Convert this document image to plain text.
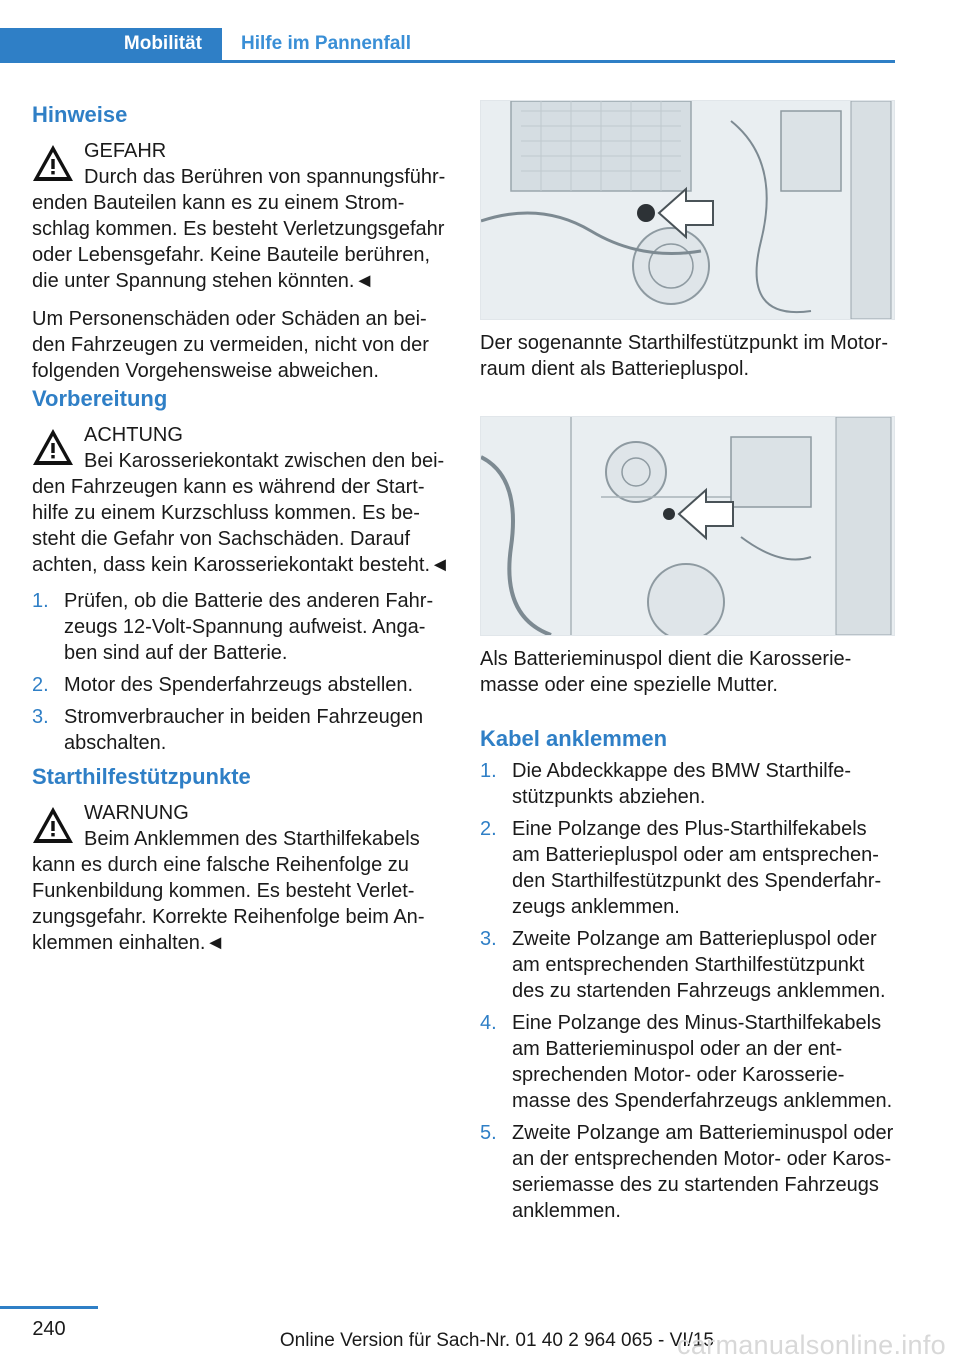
Mobilität	Hilfe im Pannenfall
Hinweise

GEFAHR

Durch das Berühren von spannungsführenden Bauteilen kann es zu einem Stromschlag kommen. Es besteht Verletzungsgefahr oder Lebensgefahr. Keine Bauteile berühren, die unter Spannung stehen könnten.◄

Um Personenschäden oder Schäden an beiden Fahrzeugen zu vermeiden, nicht von der folgenden Vorgehensweise abweichen.

Vorbereitung

ACHTUNG

Bei Karosseriekontakt zwischen den beiden Fahrzeugen kann es während der Starthilfe zu einem Kurzschluss kommen. Es besteht die Gefahr von Sachschäden. Darauf achten, dass kein Karosseriekontakt besteht.◄

1. Prüfen, ob die Batterie des anderen Fahrzeugs 12-Volt-Spannung aufweist. Angaben sind auf der Batterie.
2. Motor des Spenderfahrzeugs abstellen.
3. Stromverbraucher in beiden Fahrzeugen abschalten.
Starthilfestützpunkte

WARNUNG

Beim Anklemmen des Starthilfekabels kann es durch eine falsche Reihenfolge zu Funkenbildung kommen. Es besteht Verletzungsgefahr. Korrekte Reihenfolge beim Anklemmen einhalten.◄

Der sogenannte Starthilfestützpunkt im Motorraum dient als Batteriepluspol.

Als Batterieminuspol dient die Karosseriemasse oder eine spezielle Mutter.

Kabel anklemmen
1. Die Abdeckkappe des BMW Starthilfestützpunkts abziehen.
2. Eine Polzange des Plus-Starthilfekabels am Batteriepluspol oder am entsprechenden Starthilfestützpunkt des Spenderfahrzeugs anklemmen.
3. Zweite Polzange am Batteriepluspol oder am entsprechenden Starthilfestützpunkt des zu startenden Fahrzeugs anklemmen.
4. Eine Polzange des Minus-Starthilfekabels am Batterieminuspol oder an der entsprechenden Motor- oder Karosseriemasse des Spenderfahrzeugs anklemmen.
5. Zweite Polzange am Batterieminuspol oder an der entsprechenden Motor- oder Karosseriemasse des zu startenden Fahrzeugs anklemmen.
240
Online Version für Sach-Nr. 01 40 2 964 065 - VI/15
carmanualsonline.info
